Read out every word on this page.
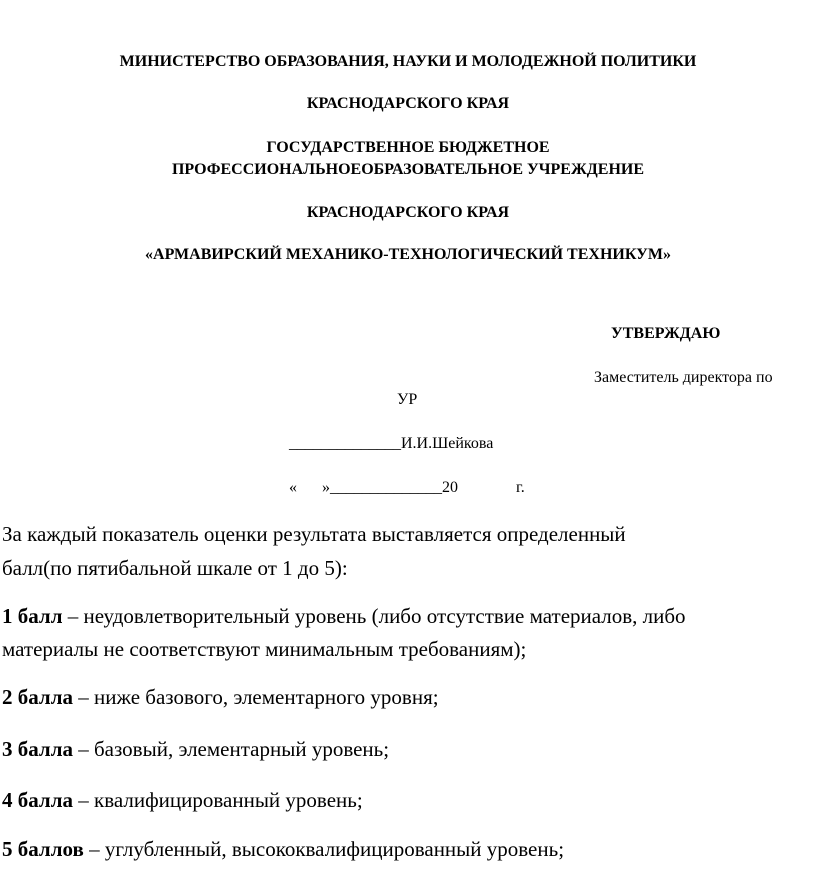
МИНИСТЕРСТВО ОБРАЗОВАНИЯ, НАУКИ И МОЛОДЕЖНОЙ ПОЛИТИКИ
КРАСНОДАРСКОГО КРАЯ
ГОСУДАРСТВЕННОЕ БЮДЖЕТНОЕ
ПРОФЕССИОНАЛЬНОЕОБРАЗОВАТЕЛЬНОЕ УЧРЕЖДЕНИЕ
КРАСНОДАРСКОГО КРАЯ
«АРМАВИРСКИЙ МЕХАНИКО-ТЕХНОЛОГИЧЕСКИЙ ТЕХНИКУМ»
УТВЕРЖДАЮ
Заместитель директора по
УР
______________И.И.Шейкова
« »______________20	г.
За каждый показатель оценки результата выставляется определенный
балл(по пятибальной шкале от 1 до 5):
1 балл – неудовлетворительный уровень (либо отсутствие материалов, либо
материалы не соответствуют минимальным требованиям);
2 балла – ниже базового, элементарного уровня;
3 балла – базовый, элементарный уровень;
4 балла – квалифицированный уровень;
5 баллов – углубленный, высококвалифицированный уровень;
